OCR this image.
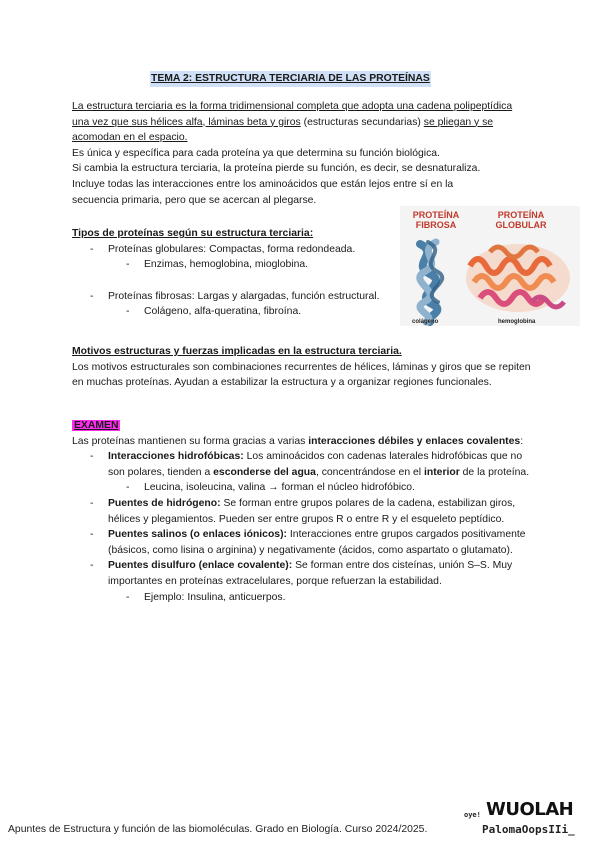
TEMA 2: ESTRUCTURA TERCIARIA DE LAS PROTEÍNAS

La estructura terciaria es la forma tridimensional completa que adopta una cadena polipeptídica una vez que sus hélices alfa, láminas beta y giros (estructuras secundarias) se pliegan y se acomodan en el espacio.

Es única y específica para cada proteína ya que determina su función biológica.

Si cambia la estructura terciaria, la proteína pierde su función, es decir, se desnaturaliza.

Incluye todas las interacciones entre los aminoácidos que están lejos entre sí en la secuencia primaria, pero que se acercan al plegarse.

Tipos de proteínas según su estructura terciaria:

- Proteínas globulares: Compactas, forma redondeada.
- Enzimas, hemoglobina, mioglobina.
- Proteínas fibrosas: Largas y alargadas, función estructural.
- Colágeno, alfa-queratina, fibroína.
PROTEÍNA FIBROSA
PROTEÍNA GLOBULAR
colágeno	hemoglobina

Motivos estructuras y fuerzas implicadas en la estructura terciaria.

Los motivos estructurales son combinaciones recurrentes de hélices, láminas y giros que se repiten en muchas proteínas. Ayudan a estabilizar la estructura y a organizar regiones funcionales.

EXAMEN

Las proteínas mantienen su forma gracias a varias interacciones débiles y enlaces covalentes:

- Interacciones hidrofóbicas: Los aminoácidos con cadenas laterales hidrofóbicas que no son polares, tienden a esconderse del agua, concentrándose en el interior de la proteína.
- Leucina, isoleucina, valina → forman el núcleo hidrofóbico.
- Puentes de hidrógeno: Se forman entre grupos polares de la cadena, estabilizan giros, hélices y plegamientos. Pueden ser entre grupos R o entre R y el esqueleto peptídico.
- Puentes salinos (o enlaces iónicos): Interacciones entre grupos cargados positivamente (básicos, como lisina o arginina) y negativamente (ácidos, como aspartato o glutamato).
- Puentes disulfuro (enlace covalente): Se forman entre dos cisteínas, unión S–S. Muy importantes en proteínas extracelulares, porque refuerzan la estabilidad.
- Ejemplo: Insulina, anticuerpos.
Apuntes de Estructura y función de las biomoléculas. Grado en Biología. Curso 2024/2025.
WUOLAH
oye!
PalomaOopsIIi_
